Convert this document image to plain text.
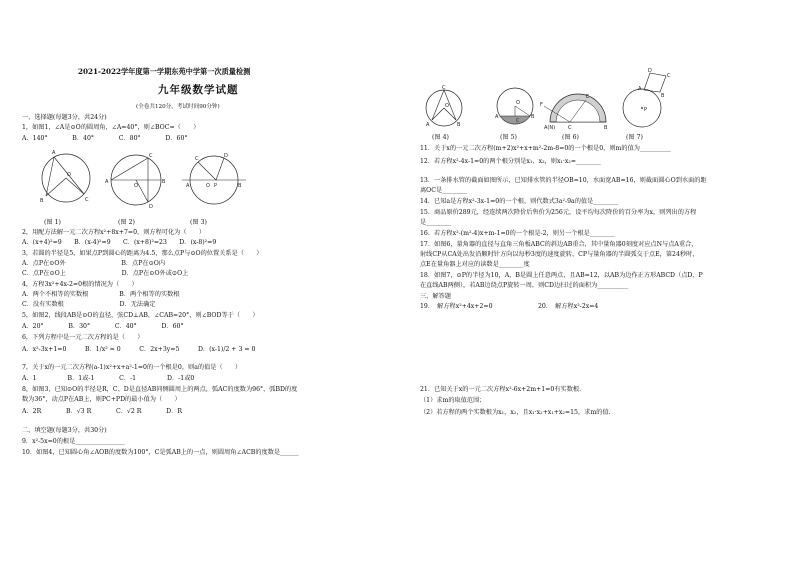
2021-2022学年度第一学期东苑中学第一次质量检测
九年级数学试题
(全卷共120分，考试时间90分钟)
一、选择题(每题3分，共24分)
1，如图1，∠A是⊙O的圆周角，∠A=40°，则∠BOC=（　　）
A．140°　　　　B．40°　　　　C．80°　　　　D．60°
A
O
B	C
A
O
B
C
D
C	D
P
O
A	B
(图 1)	(图 2)	(图 3)
2，用配方法解一元二次方程x²+8x+7=0，则方程可化为（　　）
A．(x+4)²=9　　B．(x-4)²=9　　C．(x+8)²=23　　D．(x-8)²=9
3，若圆的半径是5，如果点P到圆心的距离为4.5，那么点P与⊙O的位置关系是（　　）
A．点P在⊙O外　　　　　　　　　B．点P在⊙O内
C．点P在⊙O上　　　　　　　　　D．点P在⊙O外或⊙O上
4，方程3x²+4x-2=0根的情况为（　　）
A．两个不相等的实数根　　　　　B．两个相等的实数根
C．没有实数根　　　　　　　　　D．无法确定
5，如图2，线段AB是⊙O的直径，弦CD⊥AB，∠CAB=20°，则∠BOD等于（　　）
A．20°　　　　B．30°　　　　C．40°　　　　D．60°
6，下列方程中是一元二次方程的是（　　）
A．x²-3x+1=0　　　B．1/x² = 0　　　C．2x+3y=5　　　D．(x-1)/2 + 3 = 0
7，关于x的一元二次方程(a-1)x²+x+a²-1=0的一个根是0，则a的值是（　　）
A．1　　　　　B．1或-1　　　　C．-1　　　　　D．-1或0
8，如图3，已知⊙O的半径是R，C、D是直径AB同侧圆周上的两点，弧AC的度数为96°，弧BD的度
数为36°，动点P在AB上，则PC+PD的最小值为（　　）
A．2R　　　　B．√3 R　　　　C．√2 R　　　　D．R
二、填空题(每题3分，共30分)
9．x²-5x=0的根是________________
10．如图4，已知圆心角∠AOB的度数为100°，C是弧AB上的一点，则圆周角∠ACB的度数是______
C
O
A	B
O
A
C
B
F
A(N)	C	B
E
P
A
B
C
D
(图 4)	(图 5)	(图 6)	(图 7)
11．关于x的一元二次方程(m+2)x²+x+m²-2m-8=0的一个根是0，则m的值为__________
12．若方程x²-4x-1=0的两个根分别是x₁、x₂，则x₁·x₂=________
13．一条排水管的截面如图所示，已知排水管的半径OB=10，水面宽AB=16，则截面圆心O到水面的距
离OC是________
14．已知a是方程x²-3x-1=0的一个根，则代数式3a²-9a的值是________
15．商品原价289元，经连续两次降价后售价为256元，设平均每次降价的百分率为x，则列出的方程
是________
16．若方程x²-(m²-4)x+m-1=0的一个根是-2，则另一个根是________
17．如图6，量角器的直径与直角三角板ABC的斜边AB重合，其中量角器0刻度对应点N与点A重合，
射线CP从CA处出发沿顺时针方向以每秒3度的速度旋转，CP与量角器的半圆弧交于点E，第24秒时，
点E在量角器上对应的读数是________度
18．如图7，⊙P的半径为10，A、B是圆上任意两点，且AB=12，以AB为边作正方形ABCD（点D、P
在直线AB两侧），若AB边绕点P旋转一周，则CD边扫过的面积为__________
三、解答题
19．　解方程x²+4x+2=0	20．　解方程x²-2x=4
21．已知关于x的一元二次方程x²-6x+2m+1=0有实数根.
（1）求m的取值范围；
（2）若方程的两个实数根为x₁，x₂，且x₁·x₂+x₁+x₂=15，求m的值.
